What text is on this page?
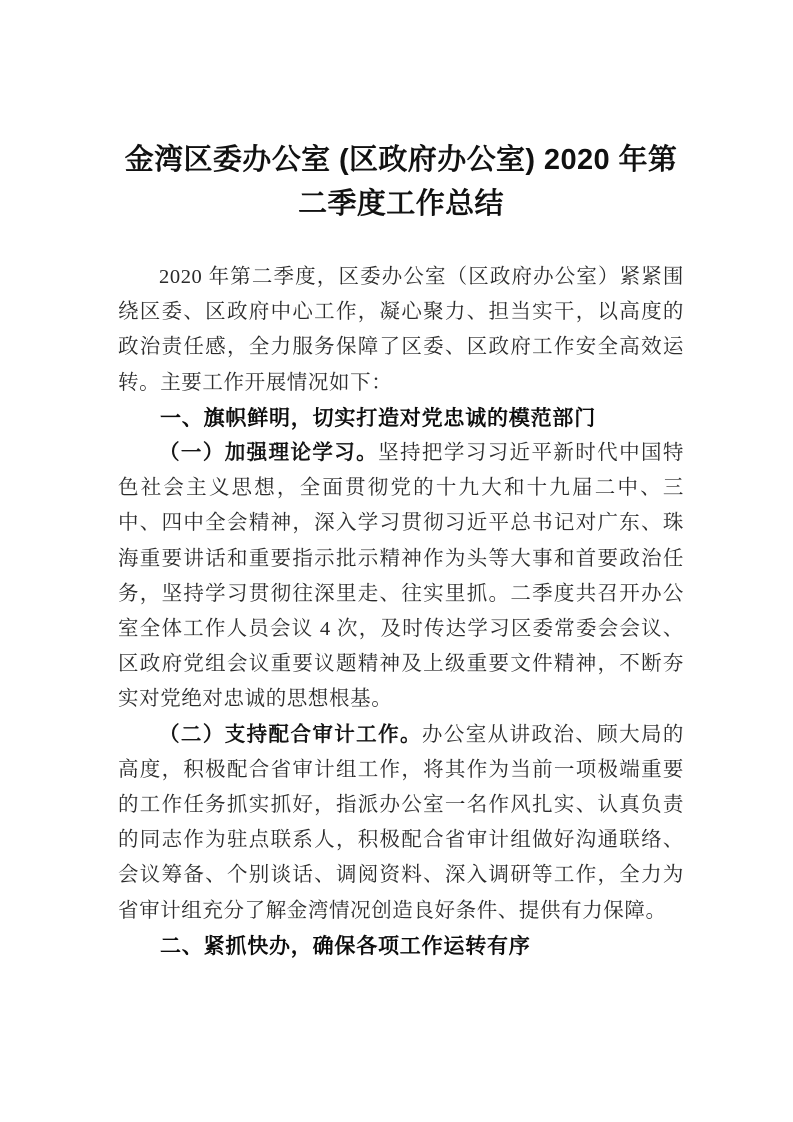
金湾区委办公室 (区政府办公室) 2020 年第
二季度工作总结

2020 年第二季度，区委办公室（区政府办公室）紧紧围绕区委、区政府中心工作，凝心聚力、担当实干，以高度的政治责任感，全力服务保障了区委、区政府工作安全高效运转。主要工作开展情况如下：

一、旗帜鲜明，切实打造对党忠诚的模范部门

（一）加强理论学习。坚持把学习习近平新时代中国特色社会主义思想，全面贯彻党的十九大和十九届二中、三中、四中全会精神，深入学习贯彻习近平总书记对广东、珠海重要讲话和重要指示批示精神作为头等大事和首要政治任务，坚持学习贯彻往深里走、往实里抓。二季度共召开办公室全体工作人员会议 4 次，及时传达学习区委常委会会议、区政府党组会议重要议题精神及上级重要文件精神，不断夯实对党绝对忠诚的思想根基。

（二）支持配合审计工作。办公室从讲政治、顾大局的高度，积极配合省审计组工作，将其作为当前一项极端重要的工作任务抓实抓好，指派办公室一名作风扎实、认真负责的同志作为驻点联系人，积极配合省审计组做好沟通联络、会议筹备、个别谈话、调阅资料、深入调研等工作，全力为省审计组充分了解金湾情况创造良好条件、提供有力保障。

二、紧抓快办，确保各项工作运转有序
